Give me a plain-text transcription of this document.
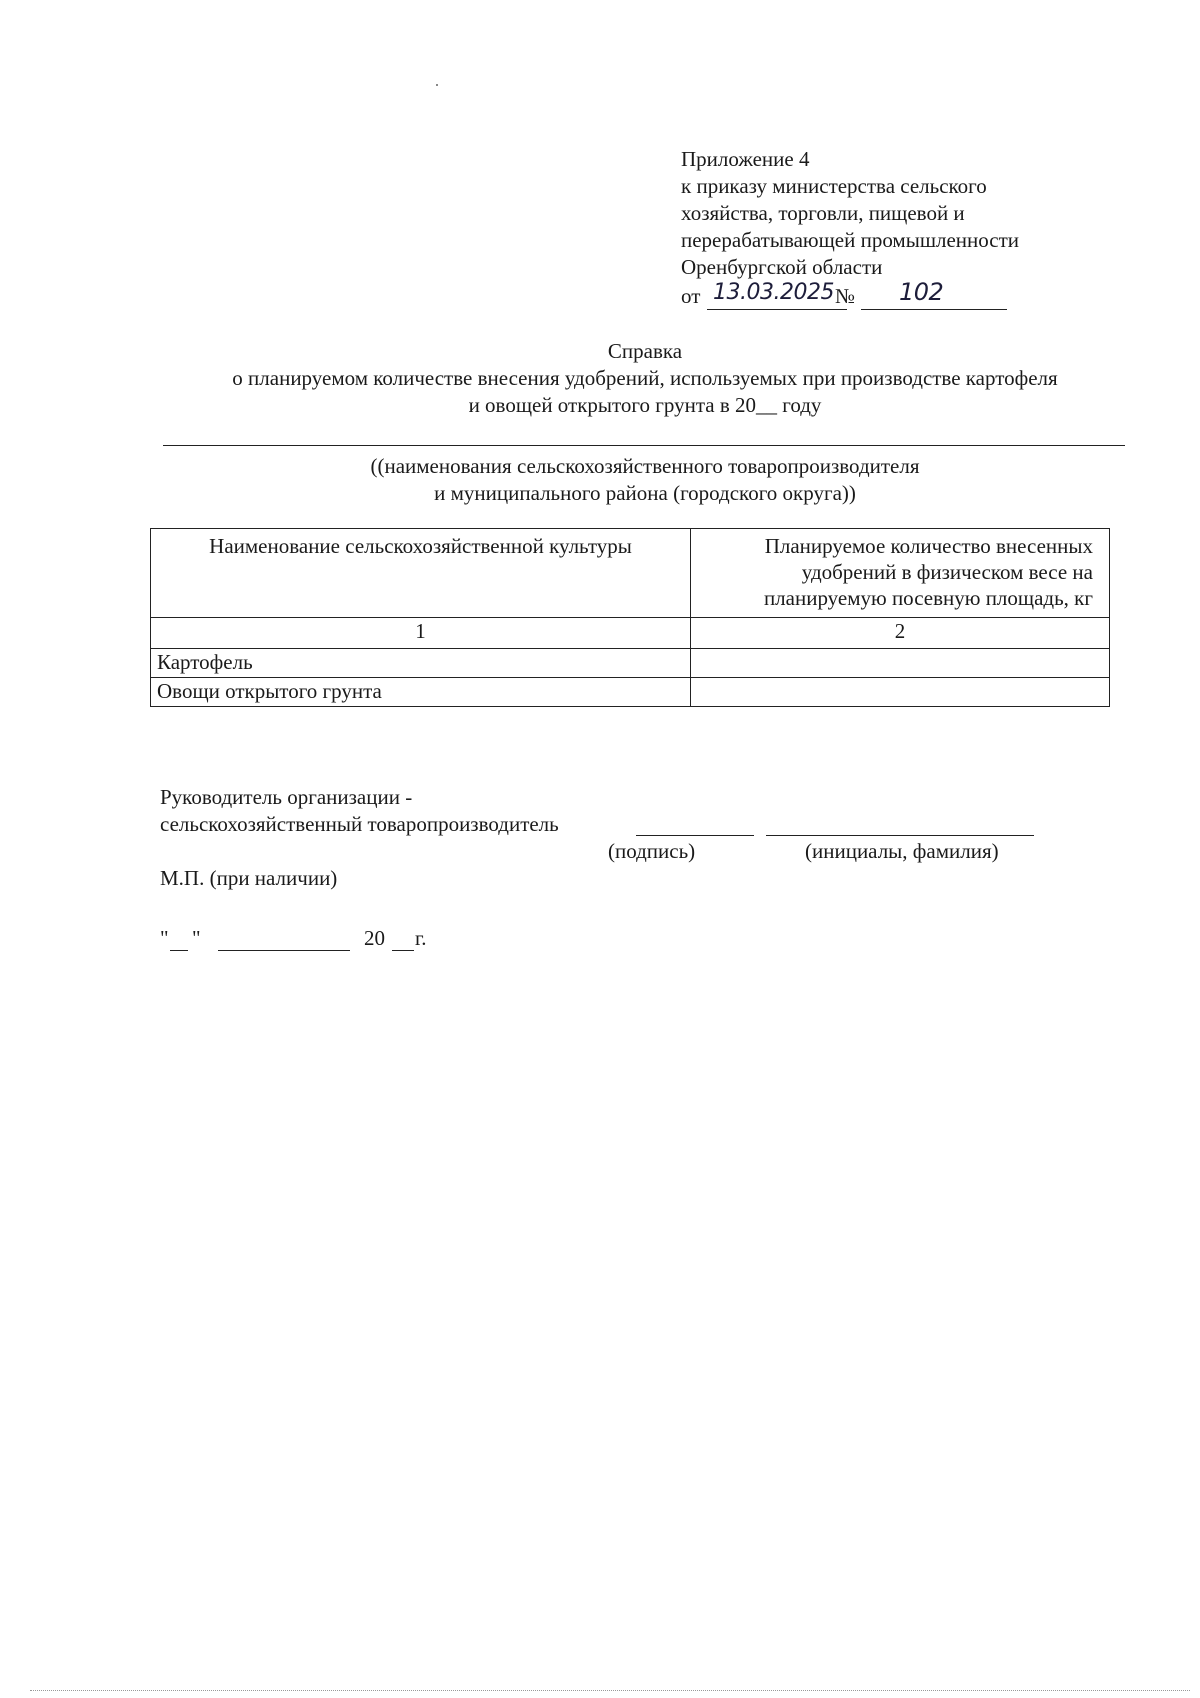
Приложение 4
к приказу министерства сельского
хозяйства, торговли, пищевой и
перерабатывающей промышленности
Оренбургской области
от 13.03.2025 № 102
Справка
о планируемом количестве внесения удобрений, используемых при производстве картофеля
и овощей открытого грунта в 20__ году
((наименования сельскохозяйственного товаропроизводителя
и муниципального района (городского округа))
Наименование сельскохозяйственной культуры	Планируемое количество внесенных
удобрений в физическом весе на
планируемую посевную площадь, кг

1	2
Картофель	
Овощи открытого грунта	
Руководитель организации -
сельскохозяйственный товаропроизводитель
(подпись)	(инициалы, фамилия)
М.П. (при наличии)
" "	20 г.
